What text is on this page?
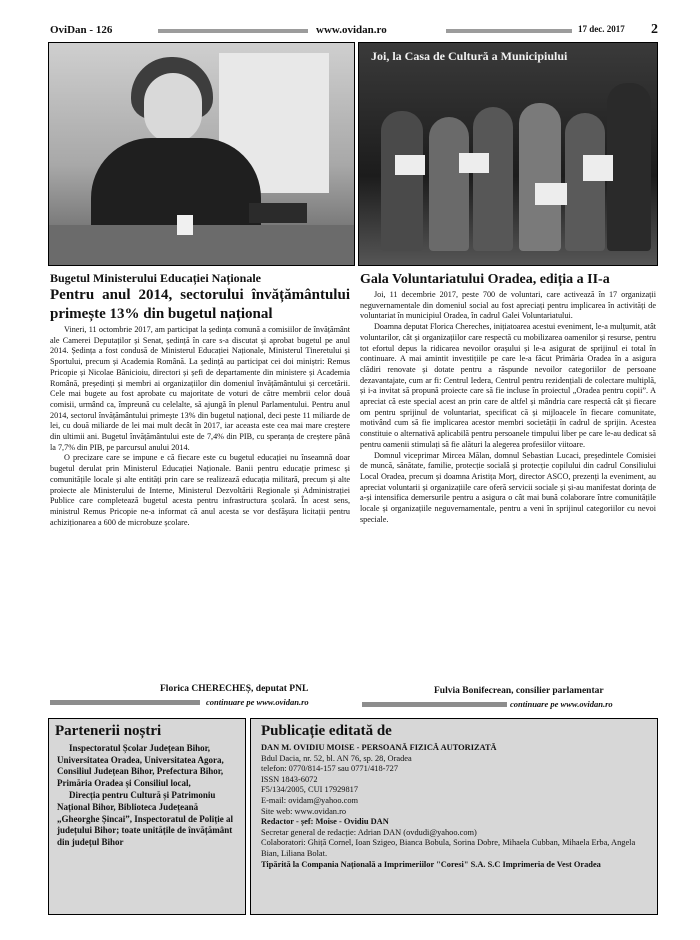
OviDan - 126	www.ovidan.ro	17 dec. 2017 2
Joi, la Casa de Cultură a Municipiului
Bugetul Ministerului Educației Naționale
Pentru anul 2014, sectorului învățământului primește 13% din bugetul național

Vineri, 11 octombrie 2017, am participat la ședința comună a comisiilor de învățământ ale Camerei Deputaților și Senat, ședință în care s-a discutat și aprobat bugetul pe anul 2014. Ședința a fost condusă de Ministerul Educației Naționale, Ministerul Tineretului și Sportului, precum și Academia Română. La ședință au participat cei doi miniștri: Remus Pricopie și Nicolae Bănicioiu, directori și șefi de departamente din ministere și Academia Română, președinți și membri ai organizațiilor din domeniul învățământului și cercetării. Cele mai bugete au fost aprobate cu majoritate de voturi de către membrii celor două comisii, urmând ca, împreună cu celelalte, să ajungă în plenul Parlamentului. Pentru anul 2014, sectorul învățământului primește 13% din bugetul național, deci peste 11 miliarde de lei, cu două miliarde de lei mai mult decât în 2017, iar aceasta este cea mai mare creștere din ultimii ani. Bugetul învățământului este de 7,4% din PIB, cu speranța de creștere până la 7,7% din PIB, pe parcursul anului 2014.

O precizare care se impune e că fiecare este cu bugetul educației nu înseamnă doar bugetul derulat prin Ministerul Educației Naționale. Banii pentru educație primesc și comunitățile locale și alte entități prin care se realizează educația militară, precum și alte proiecte ale Ministerului de Interne, Ministerul Dezvoltării Regionale și Administrației Publice care completează bugetul acesta pentru infrastructura școlară. În acest sens, ministrul Remus Pricopie ne-a informat că anul acesta se vor desfășura licitații pentru achiziționarea a 600 de microbuze școlare.

Florica CHERECHEȘ, deputat PNL
continuare pe www.ovidan.ro
Gala Voluntariatului Oradea, ediția a II-a

Joi, 11 decembrie 2017, peste 700 de voluntari, care activează în 17 organizații neguvernamentale din domeniul social au fost apreciați pentru implicarea în activități de voluntariat în municipiul Oradea, în cadrul Galei Voluntariatului.

Doamna deputat Florica Chereches, inițiatoarea acestui eveniment, le-a mulțumit, atât voluntarilor, cât și organizațiilor care respectă cu mobilizarea oamenilor și resurse, pentru tot efortul depus la ridicarea nevoilor orașului și le-a asigurat de sprijinul ei total în continuare. A mai amintit investițiile pe care le-a făcut Primăria Oradea în a asigura clădiri renovate și dotate pentru a răspunde nevoilor categoriilor de persoane dezavantajate, cum ar fi: Centrul Iedera, Centrul pentru rezidențiali de colectare multiplă, și i-a invitat să propună proiecte care să fie incluse în proiectul „Oradea pentru copii”. A apreciat că este special acest an prin care de altfel și mândria care respectă cât și fiecare om pentru sprijinul de voluntariat, specificat că și mijloacele în fiecare comunitate, motivând cum să fie implicarea acestor membri societății în cadrul de sprijin. Acestea constituie o alternativă aplicabilă pentru persoanele timpului liber pe care le-au dedicat să pentru oamenii stimulați să fie alături la alegerea profesiilor viitoare.

Domnul viceprimar Mircea Mălan, domnul Sebastian Lucaci, președintele Comisiei de muncă, sănătate, familie, protecție socială și protecție copilului din cadrul Consiliului Local Oradea, precum și doamna Aristița Morț, director ASCO, prezenți la eveniment, au apreciat voluntarii și organizațiile care oferă servicii sociale și și-au manifestat dorința de a-și intensifica demersurile pentru a asigura o cât mai bună colaborare între comunitățile locale și organizațiile neguvernamentale, pentru a veni în sprijinul categoriilor cu nevoi speciale.

Fulvia Bonifecrean, consilier parlamentar
continuare pe www.ovidan.ro
Partenerii noștri

Inspectoratul Școlar Județean Bihor, Universitatea Oradea, Universitatea Agora, Consiliul Județean Bihor, Prefectura Bihor, Primăria Oradea și Consiliul local,

Direcția pentru Cultură și Patrimoniu Național Bihor, Biblioteca Județeană „Gheorghe Șincai”, Inspectoratul de Poliție al județului Bihor; toate unitățile de învățământ din județul Bihor

Publicație editată de
DAN M. OVIDIU MOISE - PERSOANĂ FIZICĂ AUTORIZATĂ
Bdul Dacia, nr. 52, bl. AN 76, sp. 28, Oradea
telefon: 0770/814-157 sau 0771/418-727
ISSN 1843-6072
F5/134/2005, CUI 17929817
E-mail: ovidam@yahoo.com
Site web: www.ovidan.ro
Redactor - șef: Moise - Ovidiu DAN
Secretar general de redacție: Adrian DAN (ovdudi@yahoo.com)
Colaboratori: Ghiță Cornel, Ioan Szigeo, Bianca Bobula, Sorina Dobre, Mihaela Cubban, Mihaela Erba, Angela Bian, Liliana Bolat.
Tipărită la Compania Națională a Imprimeriilor "Coresi" S.A. S.C Imprimeria de Vest Oradea
